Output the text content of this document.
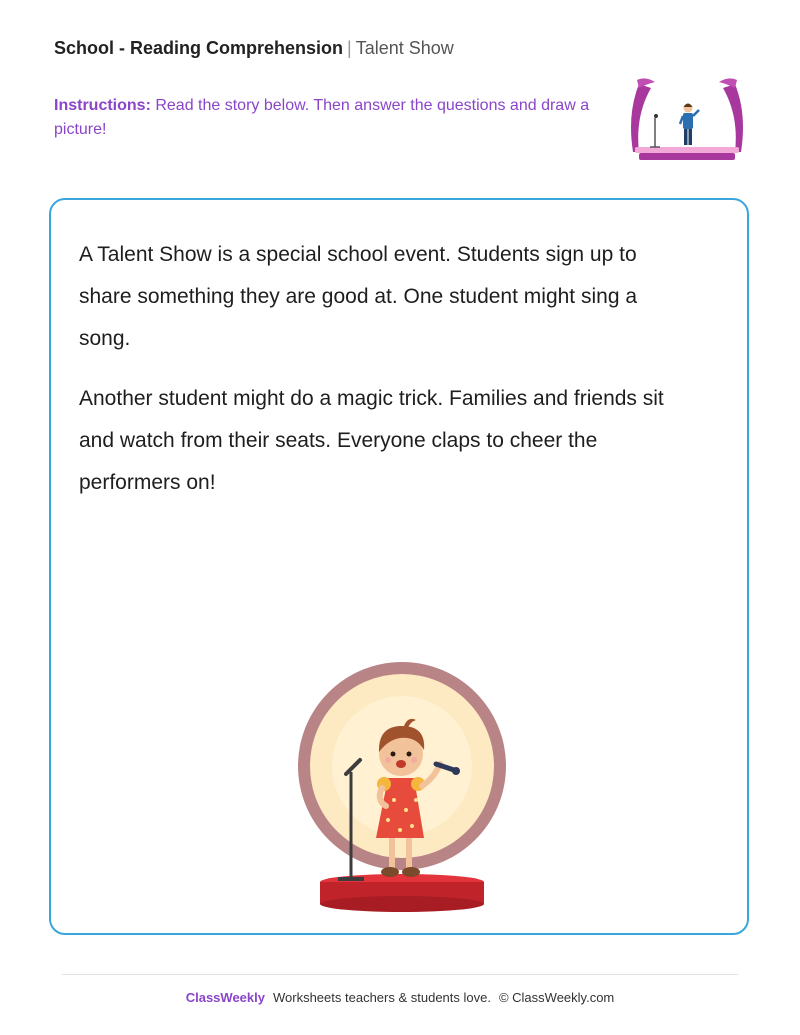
School - Reading Comprehension | Talent Show
Instructions: Read the story below. Then answer the questions and draw a picture!

A Talent Show is a special school event. Students sign up to share something they are good at. One student might sing a song.

Another student might do a magic trick. Families and friends sit and watch from their seats. Everyone claps to cheer the performers on!

ClassWeekly Worksheets teachers & students love. © ClassWeekly.com
